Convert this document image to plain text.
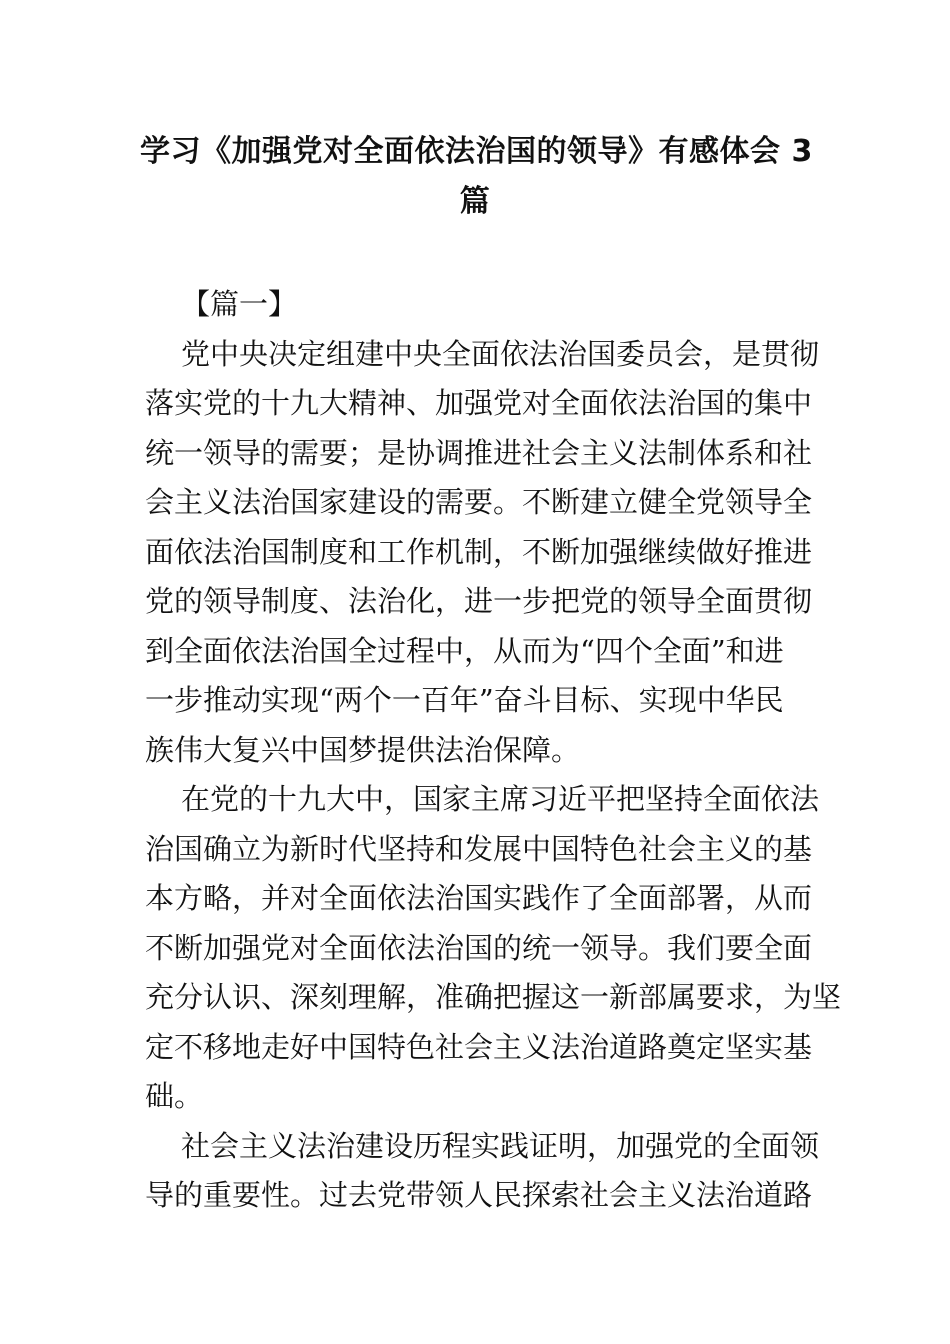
学习《加强党对全面依法治国的领导》有感体会 3
篇
【篇一】
党中央决定组建中央全面依法治国委员会，是贯彻
落实党的十九大精神、加强党对全面依法治国的集中
统一领导的需要；是协调推进社会主义法制体系和社
会主义法治国家建设的需要。不断建立健全党领导全
面依法治国制度和工作机制，不断加强继续做好推进
党的领导制度、法治化，进一步把党的领导全面贯彻
到全面依法治国全过程中，从而为“四个全面”和进
一步推动实现“两个一百年”奋斗目标、实现中华民
族伟大复兴中国梦提供法治保障。
在党的十九大中，国家主席习近平把坚持全面依法
治国确立为新时代坚持和发展中国特色社会主义的基
本方略，并对全面依法治国实践作了全面部署，从而
不断加强党对全面依法治国的统一领导。我们要全面
充分认识、深刻理解，准确把握这一新部属要求，为坚
定不移地走好中国特色社会主义法治道路奠定坚实基
础。
社会主义法治建设历程实践证明，加强党的全面领
导的重要性。过去党带领人民探索社会主义法治道路
